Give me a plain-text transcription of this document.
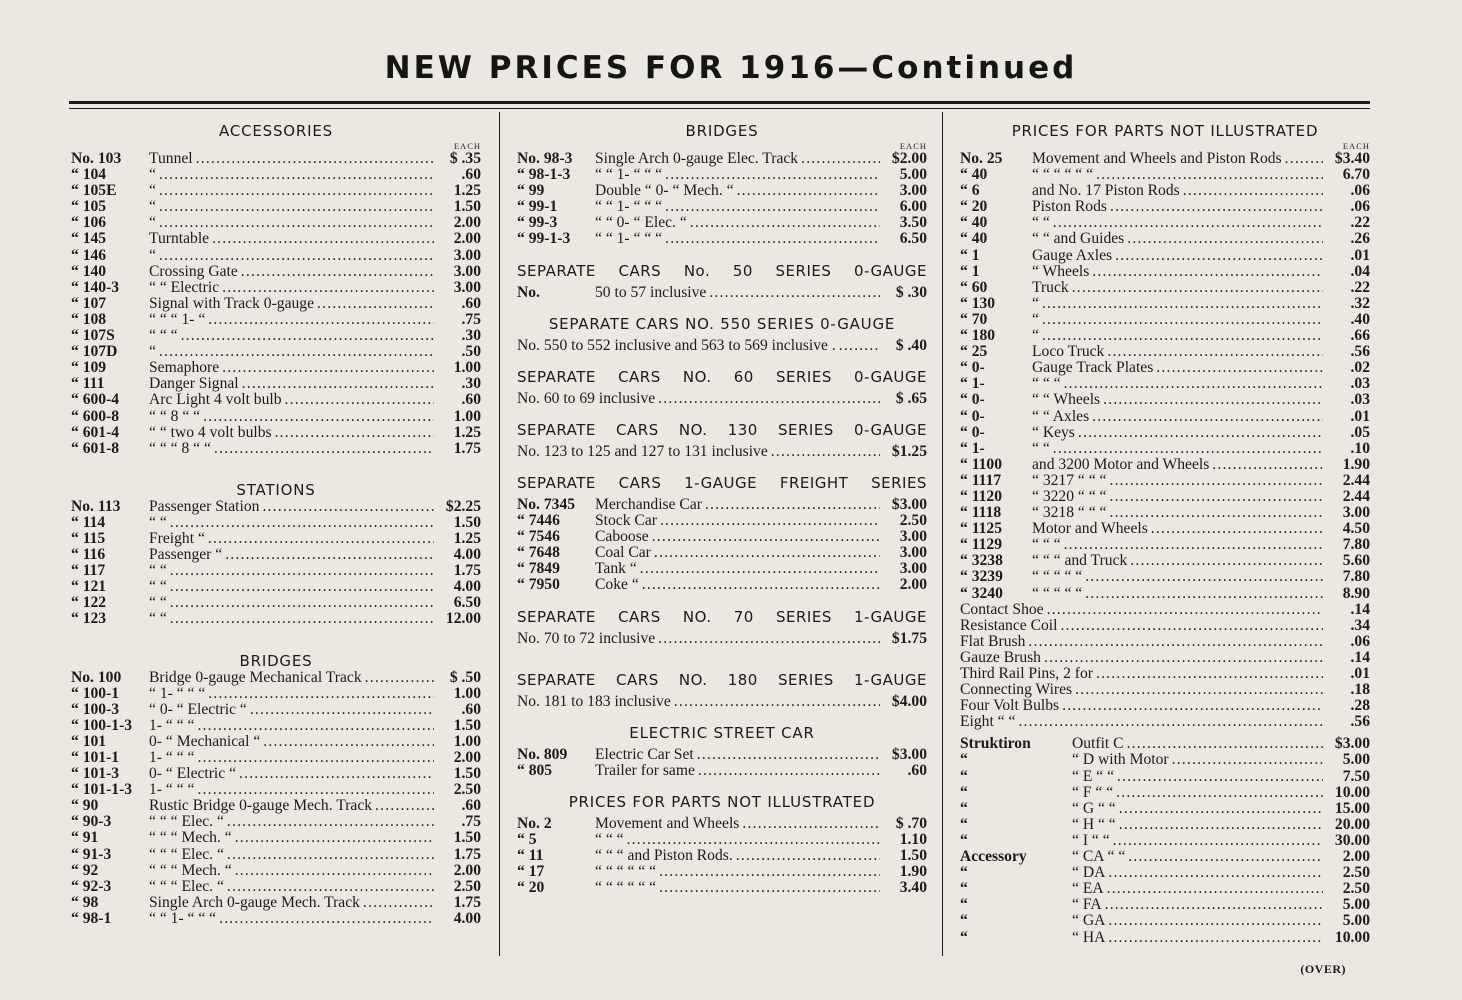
NEW PRICES FOR 1916—Continued
ACCESSORIES
EACH
No. 103	Tunnel .....	$ .35
“ 104	“ .....	.60
“ 105E	“ .....	1.25
“ 105	“ .....	1.50
“ 106	“ .....	2.00
“ 145	Turntable .....	2.00
“ 146	“ .....	3.00
“ 140	Crossing Gate .....	3.00
“ 140-3	“ “ Electric .....	3.00
“ 107	Signal with Track 0-gauge .....	.60
“ 108	“ “ “ 1- “ .....	.75
“ 107S	“ “ “ .....	.30
“ 107D	“ .....	.50
“ 109	Semaphore .....	1.00
“ 111	Danger Signal .....	.30
“ 600-4	Arc Light 4 volt bulb .....	.60
“ 600-8	“ “ 8 “ “ .....	1.00
“ 601-4	“ “ two 4 volt bulbs .....	1.25
“ 601-8	“ “ “ 8 “ “ .....	1.75
STATIONS
No. 113	Passenger Station .....	$2.25
“ 114	“ “ .....	1.50
“ 115	Freight “ .....	1.25
“ 116	Passenger “ .....	4.00
“ 117	“ “ .....	1.75
“ 121	“ “ .....	4.00
“ 122	“ “ .....	6.50
“ 123	“ “ .....	12.00
BRIDGES
No. 100	Bridge 0-gauge Mechanical Track .....	$ .50
“ 100-1	“ 1- “ “ “ .....	1.00
“ 100-3	“ 0- “ Electric “ .....	.60
“ 100-1-3	1- “ “ “ .....	1.50
“ 101	0- “ Mechanical “ .....	1.00
“ 101-1	1- “ “ “ .....	2.00
“ 101-3	0- “ Electric “ .....	1.50
“ 101-1-3	1- “ “ “ .....	2.50
“ 90	Rustic Bridge 0-gauge Mech. Track .....	.60
“ 90-3	“ “ “ Elec. “ .....	.75
“ 91	“ “ “ Mech. “ .....	1.50
“ 91-3	“ “ “ Elec. “ .....	1.75
“ 92	“ “ “ Mech. “ .....	2.00
“ 92-3	“ “ “ Elec. “ .....	2.50
“ 98	Single Arch 0-gauge Mech. Track .....	1.75
“ 98-1	“ “ 1- “ “ “ .....	4.00
BRIDGES
EACH
No. 98-3	Single Arch 0-gauge Elec. Track .....	$2.00
“ 98-1-3	“ “ 1- “ “ “ .....	5.00
“ 99	Double “ 0- “ Mech. “ .....	3.00
“ 99-1	“ “ 1- “ “ “ .....	6.00
“ 99-3	“ “ 0- “ Elec. “ .....	3.50
“ 99-1-3	“ “ 1- “ “ “ .....	6.50
SEPARATE CARS No. 50 SERIES 0-GAUGE
No.	50 to 57 inclusive .....	$ .30
SEPARATE CARS NO. 550 SERIES 0-GAUGE
No. 550 to 552 inclusive and 563 to 569 inclusive . .....	$ .40
SEPARATE CARS NO. 60 SERIES 0-GAUGE
No. 60 to 69 inclusive .....	$ .65
SEPARATE CARS NO. 130 SERIES 0-GAUGE
No. 123 to 125 and 127 to 131 inclusive .....	$1.25
SEPARATE CARS 1-GAUGE FREIGHT SERIES
No. 7345	Merchandise Car .....	$3.00
“ 7446	Stock Car .....	2.50
“ 7546	Caboose .....	3.00
“ 7648	Coal Car .....	3.00
“ 7849	Tank “ .....	3.00
“ 7950	Coke “ .....	2.00
SEPARATE CARS NO. 70 SERIES 1-GAUGE
No. 70 to 72 inclusive .....	$1.75
SEPARATE CARS NO. 180 SERIES 1-GAUGE
No. 181 to 183 inclusive .....	$4.00
ELECTRIC STREET CAR
No. 809	Electric Car Set .....	$3.00
“ 805	Trailer for same .....	.60
PRICES FOR PARTS NOT ILLUSTRATED
No. 2	Movement and Wheels .....	$ .70
“ 5	“ “ “ .....	1.10
“ 11	“ “ “ and Piston Rods. .....	1.50
“ 17	“ “ “ “ “ “ .....	1.90
“ 20	“ “ “ “ “ “ .....	3.40
PRICES FOR PARTS NOT ILLUSTRATED
EACH
No. 25	Movement and Wheels and Piston Rods .....	$3.40
“ 40	“ “ “ “ “ “ .....	6.70
“ 6	and No. 17 Piston Rods .....	.06
“ 20	Piston Rods .....	.06
“ 40	“ “ .....	.22
“ 40	“ “ and Guides .....	.26
“ 1	Gauge Axles .....	.01
“ 1	“ Wheels .....	.04
“ 60	Truck .....	.22
“ 130	“ .....	.32
“ 70	“ .....	.40
“ 180	“ .....	.66
“ 25	Loco Truck .....	.56
“ 0-	Gauge Track Plates .....	.02
“ 1-	“ “ “ .....	.03
“ 0-	“ “ Wheels .....	.03
“ 0-	“ “ Axles .....	.01
“ 0-	“ Keys .....	.05
“ 1-	“ “ .....	.10
“ 1100	and 3200 Motor and Wheels .....	1.90
“ 1117	“ 3217 “ “ “ .....	2.44
“ 1120	“ 3220 “ “ “ .....	2.44
“ 1118	“ 3218 “ “ “ .....	3.00
“ 1125	Motor and Wheels .....	4.50
“ 1129	“ “ “ .....	7.80
“ 3238	“ “ “ and Truck .....	5.60
“ 3239	“ “ “ “ “ .....	7.80
“ 3240	“ “ “ “ “ .....	8.90
Contact Shoe .....	.14
Resistance Coil .....	.34
Flat Brush .....	.06
Gauze Brush .....	.14
Third Rail Pins, 2 for .....	.01
Connecting Wires .....	.18
Four Volt Bulbs .....	.28
Eight “ “ .....	.56
Struktiron	Outfit C .....	$3.00
“	“ D with Motor .....	5.00
“	“ E “ “ .....	7.50
“	“ F “ “ .....	10.00
“	“ G “ “ .....	15.00
“	“ H “ “ .....	20.00
“	“ I “ “ .....	30.00
Accessory	“ CA “ “ .....	2.00
“	“ DA .....	2.50
“	“ EA .....	2.50
“	“ FA .....	5.00
“	“ GA .....	5.00
“	“ HA .....	10.00
(OVER)
